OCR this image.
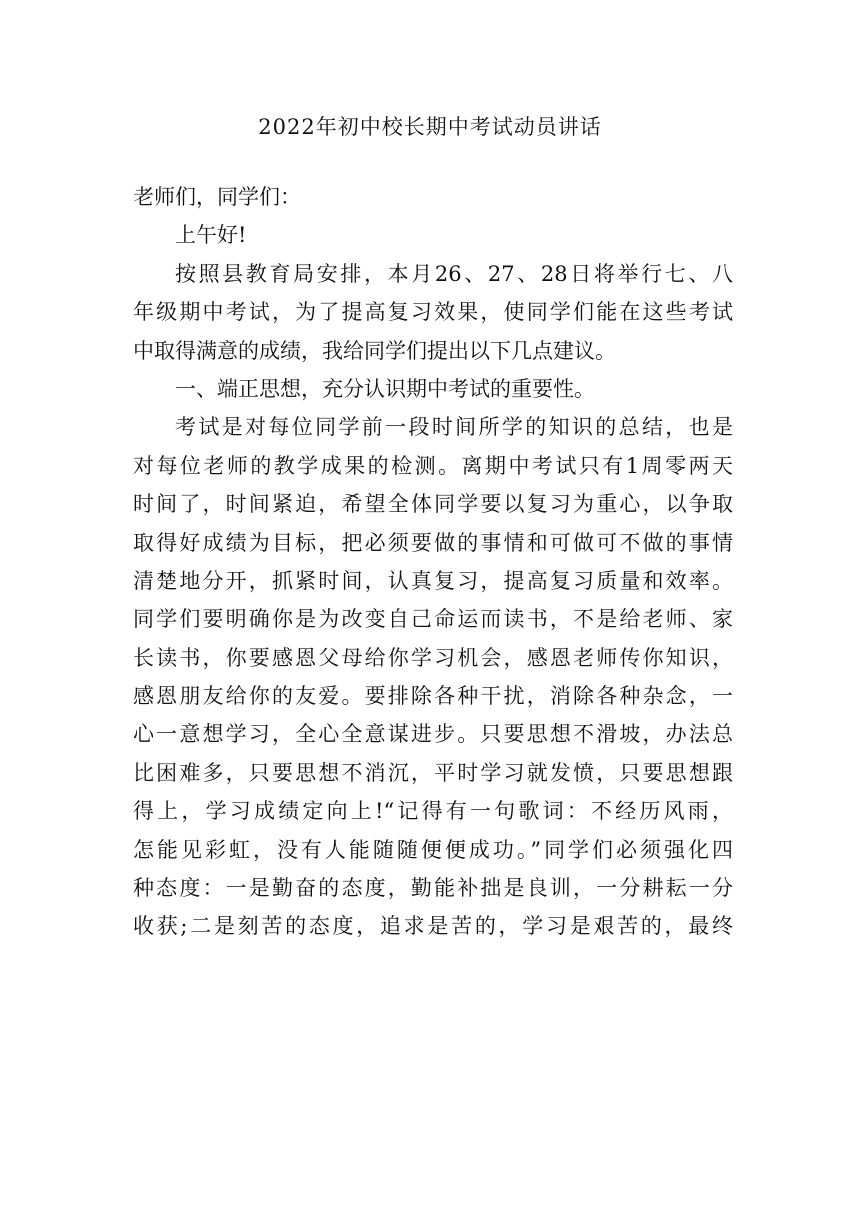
2022年初中校长期中考试动员讲话
老师们，同学们：
上午好!
按照县教育局安排，本月26、27、28日将举行七、八
年级期中考试，为了提高复习效果，使同学们能在这些考试
中取得满意的成绩，我给同学们提出以下几点建议。
一、端正思想，充分认识期中考试的重要性。
考试是对每位同学前一段时间所学的知识的总结，也是
对每位老师的教学成果的检测。离期中考试只有1周零两天
时间了，时间紧迫，希望全体同学要以复习为重心，以争取
取得好成绩为目标，把必须要做的事情和可做可不做的事情
清楚地分开，抓紧时间，认真复习，提高复习质量和效率。
同学们要明确你是为改变自己命运而读书，不是给老师、家
长读书，你要感恩父母给你学习机会，感恩老师传你知识，
感恩朋友给你的友爱。要排除各种干扰，消除各种杂念，一
心一意想学习，全心全意谋进步。只要思想不滑坡，办法总
比困难多，只要思想不消沉，平时学习就发愤，只要思想跟
得上，学习成绩定向上!“记得有一句歌词：不经历风雨，
怎能见彩虹，没有人能随随便便成功。”同学们必须强化四
种态度：一是勤奋的态度，勤能补拙是良训，一分耕耘一分
收获;二是刻苦的态度，追求是苦的，学习是艰苦的，最终
